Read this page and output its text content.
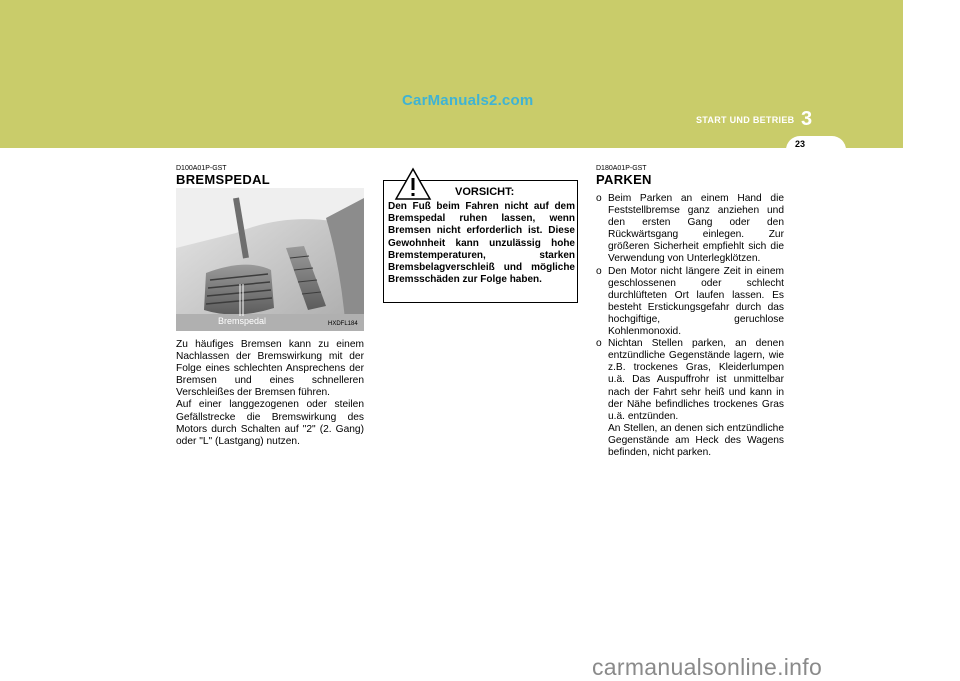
CarManuals2.com
START UND BETRIEB 3
23
D100A01P-GST
BREMSPEDAL
Bremspedal	HXDFL184

Zu häufiges Bremsen kann zu einem Nachlassen der Bremswirkung mit der Folge eines schlechten Ansprechens der Bremsen und eines schnelleren Verschleißes der Bremsen führen.

Auf einer langgezogenen oder steilen Gefällstrecke die Bremswirkung des Motors durch Schalten auf "2" (2. Gang) oder "L" (Lastgang) nutzen.

VORSICHT:
Den Fuß beim Fahren nicht auf dem Bremspedal ruhen lassen, wenn Bremsen nicht erforderlich ist. Diese Gewohnheit kann unzulässig hohe Bremstemperaturen, starken Bremsbelagverschleiß und mögliche Bremsschäden zur Folge haben.
D180A01P-GST
PARKEN
o Beim Parken an einem Hand die Feststellbremse ganz anziehen und den ersten Gang oder den Rückwärtsgang einlegen. Zur größeren Sicherheit empfiehlt sich die Verwendung von Unterlegklötzen.
o Den Motor nicht längere Zeit in einem geschlossenen oder schlecht durchlüfteten Ort laufen lassen. Es besteht Erstickungsgefahr durch das hochgiftige, geruchlose Kohlenmonoxid.
o Nichtan Stellen parken, an denen entzündliche Gegenstände lagern, wie z.B. trockenes Gras, Kleiderlumpen u.ä. Das Auspuffrohr ist unmittelbar nach der Fahrt sehr heiß und kann in der Nähe befindliches trockenes Gras u.ä. entzünden.
An Stellen, an denen sich entzündliche Gegenstände am Heck des Wagens befinden, nicht parken.
carmanualsonline.info
